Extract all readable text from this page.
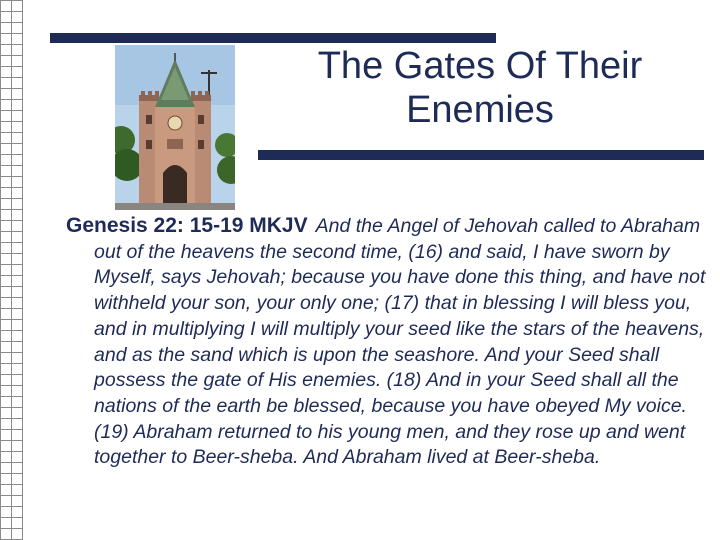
The Gates Of Their
Enemies

Genesis 22: 15-19 MKJV And the Angel of Jehovah called to Abraham out of the heavens the second time, (16) and said, I have sworn by Myself, says Jehovah; because you have done this thing, and have not withheld your son, your only one; (17) that in blessing I will bless you, and in multiplying I will multiply your seed like the stars of the heavens, and as the sand which is upon the seashore. And your Seed shall possess the gate of His enemies. (18) And in your Seed shall all the nations of the earth be blessed, because you have obeyed My voice. (19) Abraham returned to his young men, and they rose up and went together to Beer-sheba. And Abraham lived at Beer-sheba.
